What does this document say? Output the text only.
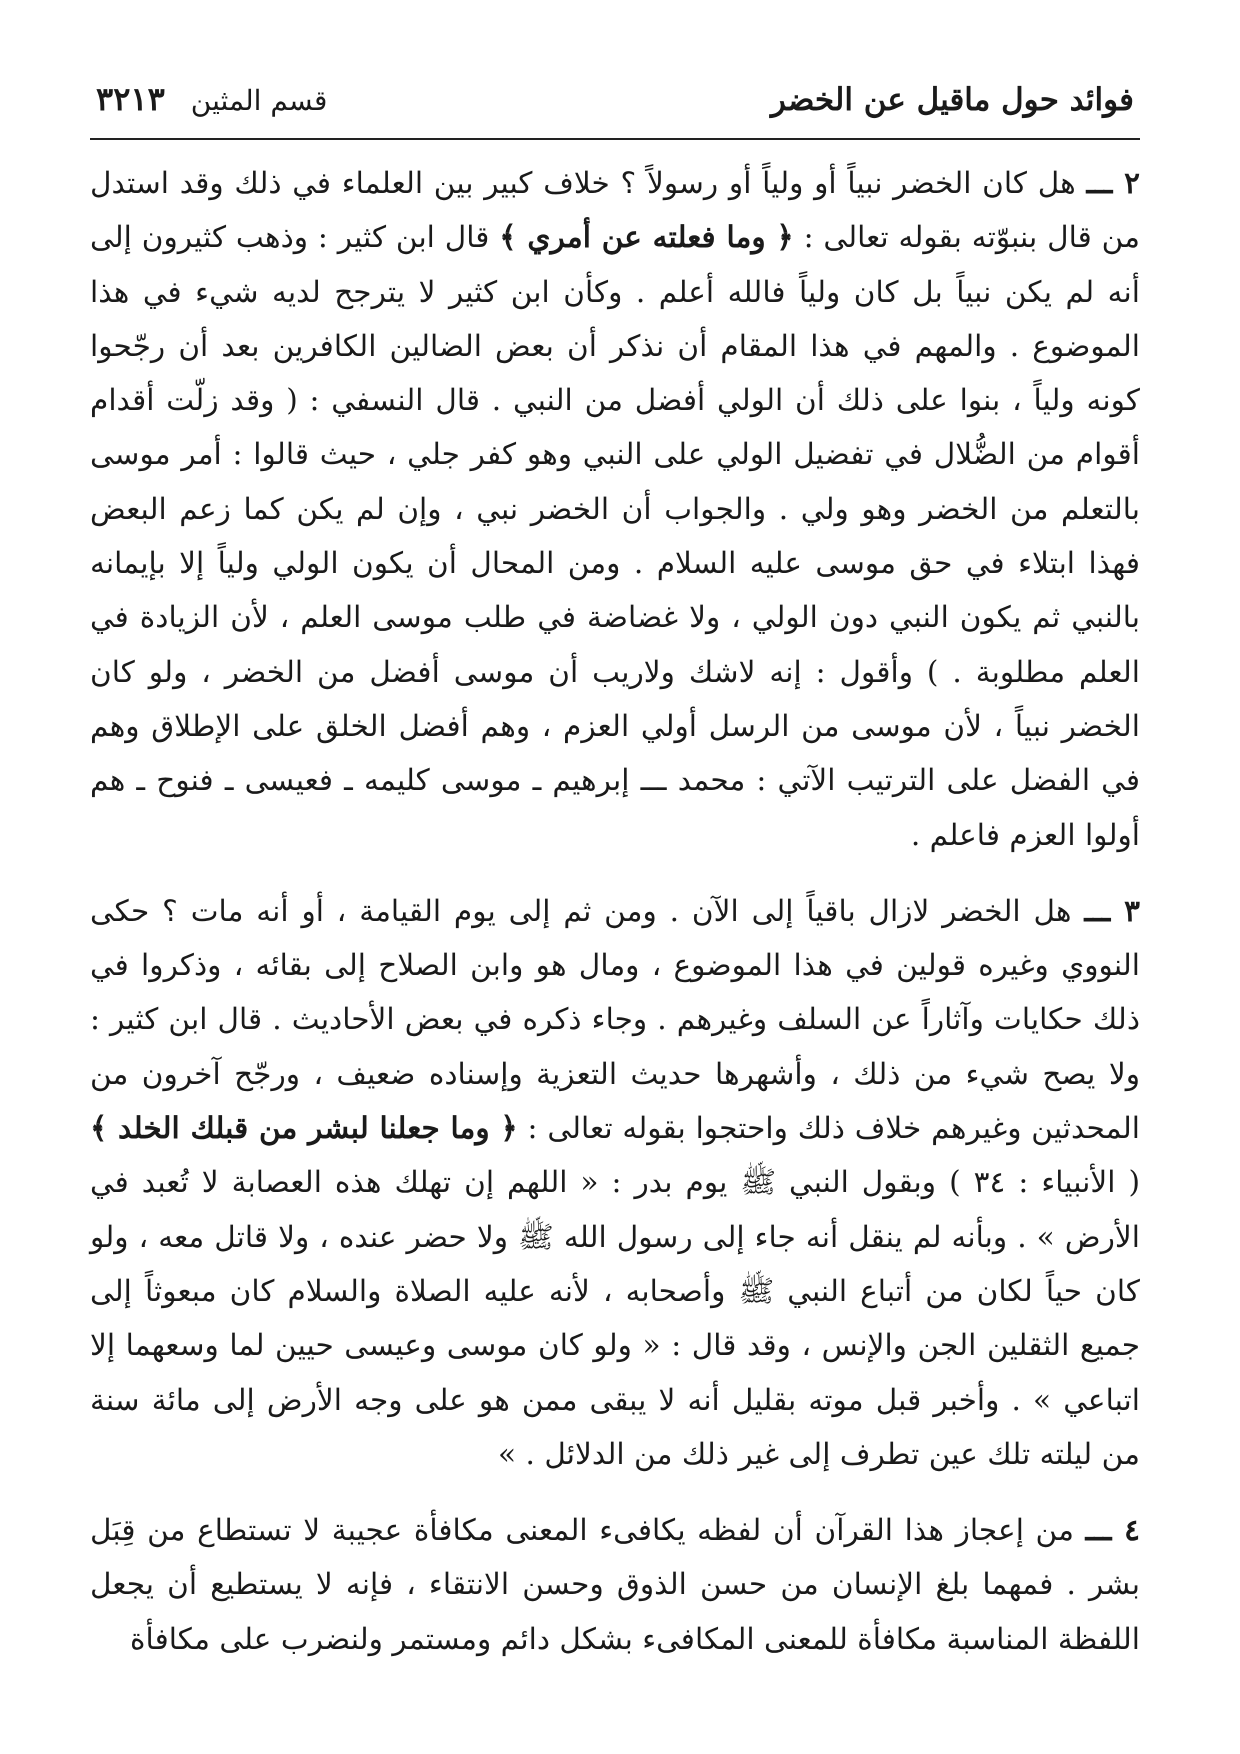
فوائد حول ماقيل عن الخضر
قسم المثين
٣٢١٣

٢ ـــ هل كان الخضر نبياً أو ولياً أو رسولاً ؟ خلاف كبير بين العلماء في ذلك وقد استدل من قال بنبوّته بقوله تعالى : ﴿ وما فعلته عن أمري ﴾ قال ابن كثير : وذهب كثيرون إلى أنه لم يكن نبياً بل كان ولياً فالله أعلم . وكأن ابن كثير لا يترجح لديه شيء في هذا الموضوع . والمهم في هذا المقام أن نذكر أن بعض الضالين الكافرين بعد أن رجّحوا كونه ولياً ، بنوا على ذلك أن الولي أفضل من النبي . قال النسفي : ( وقد زلّت أقدام أقوام من الضُّلال في تفضيل الولي على النبي وهو كفر جلي ، حيث قالوا : أمر موسى بالتعلم من الخضر وهو ولي . والجواب أن الخضر نبي ، وإن لم يكن كما زعم البعض فهذا ابتلاء في حق موسى عليه السلام . ومن المحال أن يكون الولي ولياً إلا بإيمانه بالنبي ثم يكون النبي دون الولي ، ولا غضاضة في طلب موسى العلم ، لأن الزيادة في العلم مطلوبة . ) وأقول : إنه لاشك ولاريب أن موسى أفضل من الخضر ، ولو كان الخضر نبياً ، لأن موسى من الرسل أولي العزم ، وهم أفضل الخلق على الإطلاق وهم في الفضل على الترتيب الآتي : محمد ـــ إبرهيم ـ موسى كليمه ـ فعيسى ـ فنوح ـ هم أولوا العزم فاعلم .

٣ ـــ هل الخضر لازال باقياً إلى الآن . ومن ثم إلى يوم القيامة ، أو أنه مات ؟ حكى النووي وغيره قولين في هذا الموضوع ، ومال هو وابن الصلاح إلى بقائه ، وذكروا في ذلك حكايات وآثاراً عن السلف وغيرهم . وجاء ذكره في بعض الأحاديث . قال ابن كثير : ولا يصح شيء من ذلك ، وأشهرها حديث التعزية وإسناده ضعيف ، ورجّح آخرون من المحدثين وغيرهم خلاف ذلك واحتجوا بقوله تعالى : ﴿ وما جعلنا لبشر من قبلك الخلد ﴾ ( الأنبياء : ٣٤ ) وبقول النبي ﷺ يوم بدر : « اللهم إن تهلك هذه العصابة لا تُعبد في الأرض » . وبأنه لم ينقل أنه جاء إلى رسول الله ﷺ ولا حضر عنده ، ولا قاتل معه ، ولو كان حياً لكان من أتباع النبي ﷺ وأصحابه ، لأنه عليه الصلاة والسلام كان مبعوثاً إلى جميع الثقلين الجن والإنس ، وقد قال : « ولو كان موسى وعيسى حيين لما وسعهما إلا اتباعي » . وأخبر قبل موته بقليل أنه لا يبقى ممن هو على وجه الأرض إلى مائة سنة من ليلته تلك عين تطرف إلى غير ذلك من الدلائل . »

٤ ـــ من إعجاز هذا القرآن أن لفظه يكافىء المعنى مكافأة عجيبة لا تستطاع من قِبَل بشر . فمهما بلغ الإنسان من حسن الذوق وحسن الانتقاء ، فإنه لا يستطيع أن يجعل اللفظة المناسبة مكافأة للمعنى المكافىء بشكل دائم ومستمر ولنضرب على مكافأة
